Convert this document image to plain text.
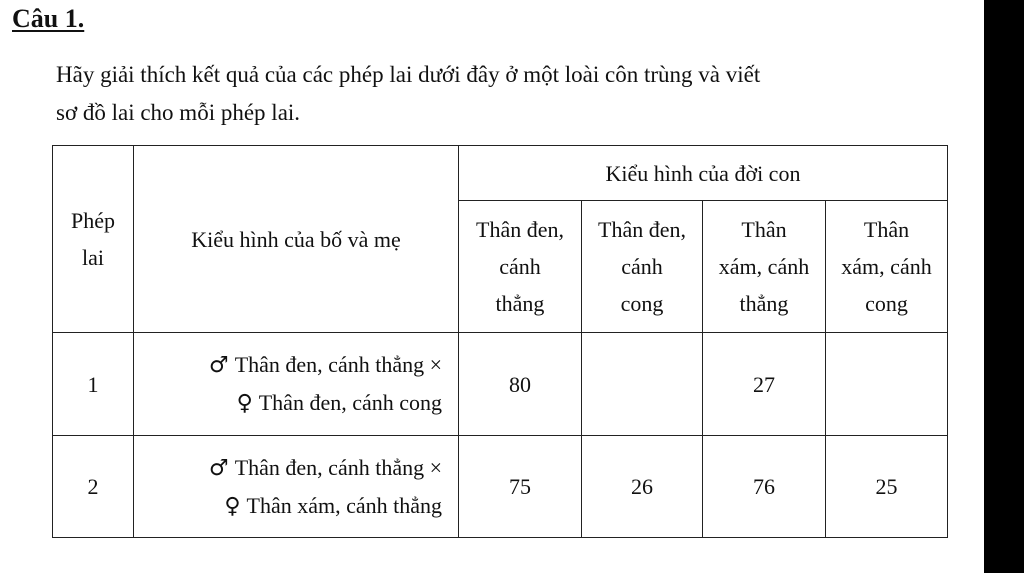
Câu 1.

Hãy giải thích kết quả của các phép lai dưới đây ở một loài côn trùng và viết
sơ đồ lai cho mỗi phép lai.

Phép
lai	Kiểu hình của bố và mẹ	Kiểu hình của đời con			

		Thân đen,
cánh
thẳng	Thân đen,
cánh
cong	Thân
xám, cánh
thẳng	Thân
xám, cánh
cong

1	♂ Thân đen, cánh thẳng ×
♀ Thân đen, cánh cong	80		27	
2	♂ Thân đen, cánh thẳng ×
♀ Thân xám, cánh thẳng	75	26	76	25
